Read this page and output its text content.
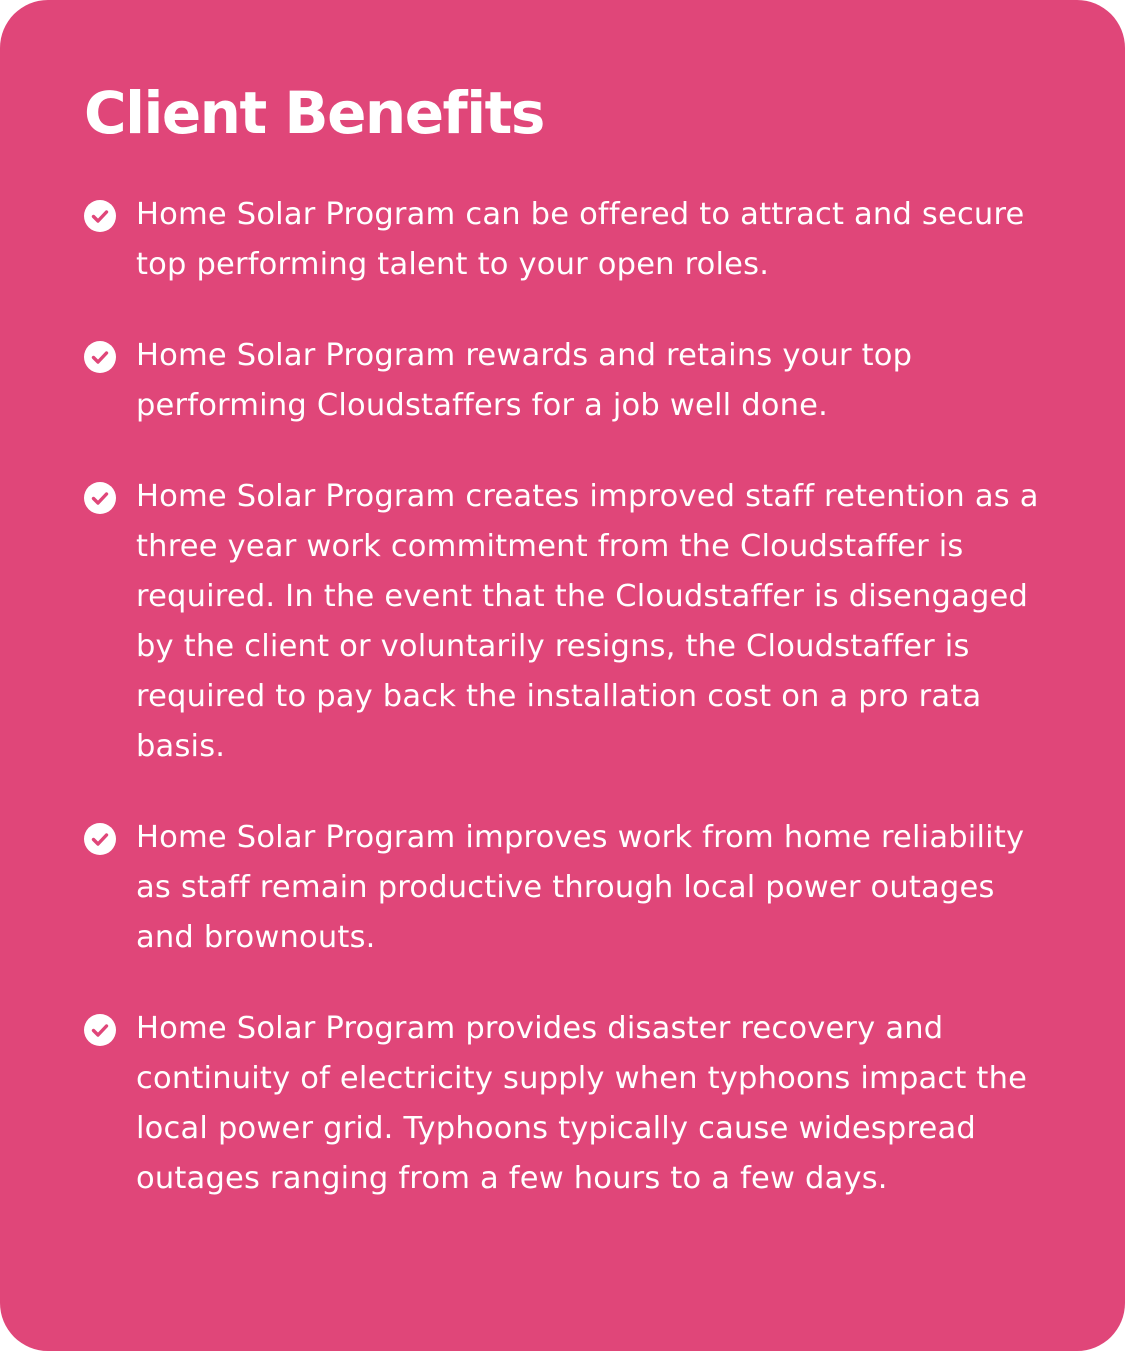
Client Benefits
Home Solar Program can be offered to attract and secure top performing talent to your open roles.
Home Solar Program rewards and retains your top performing Cloudstaffers for a job well done.
Home Solar Program creates improved staff retention as a three year work commitment from the Cloudstaffer is required. In the event that the Cloudstaffer is disengaged by the client or voluntarily resigns, the Cloudstaffer is required to pay back the installation cost on a pro rata basis.
Home Solar Program improves work from home reliability as staff remain productive through local power outages and brownouts.
Home Solar Program provides disaster recovery and continuity of electricity supply when typhoons impact the local power grid. Typhoons typically cause widespread outages ranging from a few hours to a few days.
